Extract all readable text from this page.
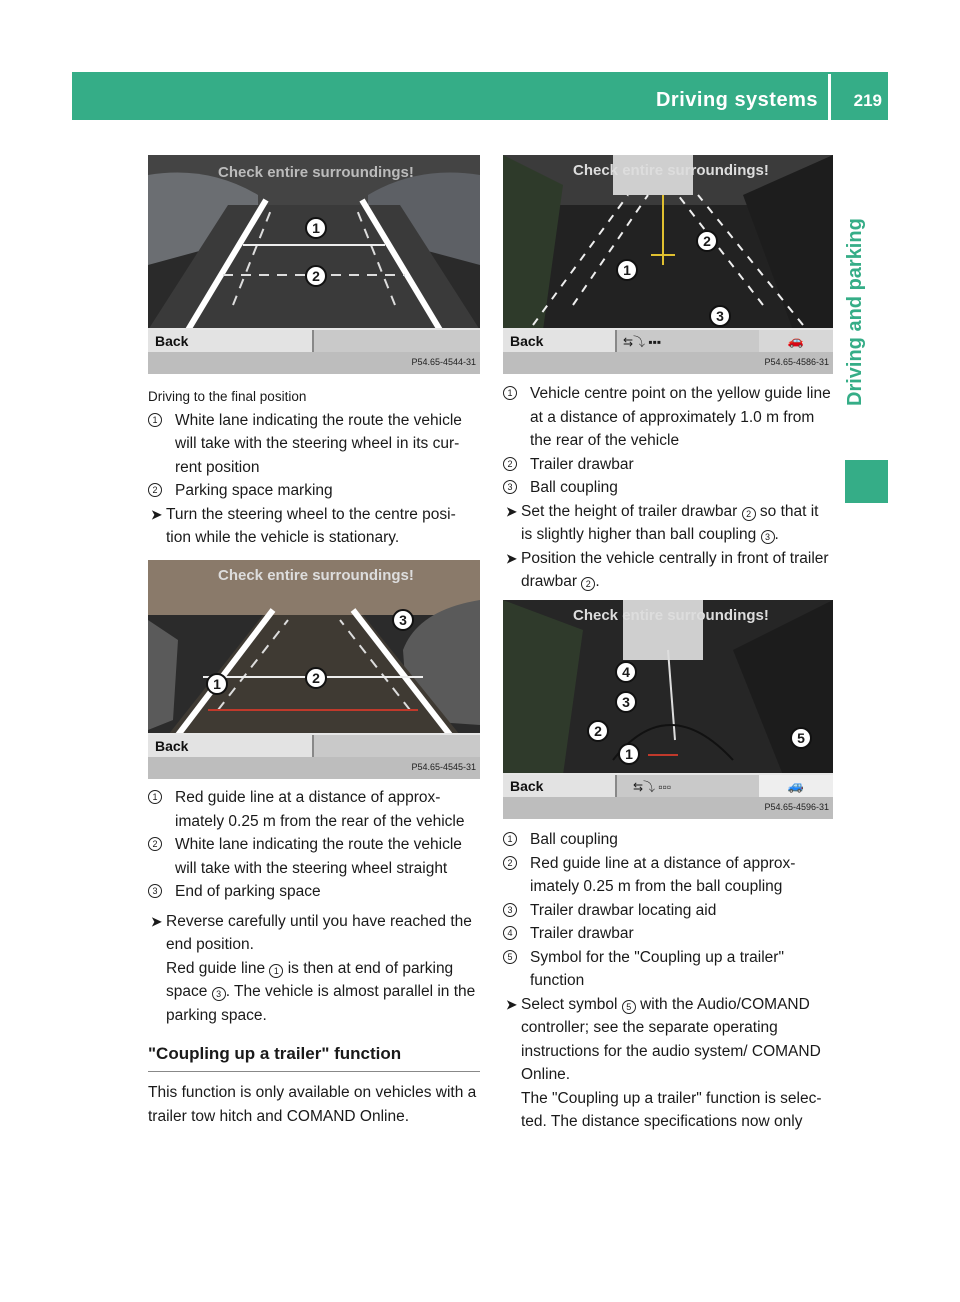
Driving systems 219
Driving and parking
Check entire surroundings!
1
2
Back
P54.65-4544-31
Driving to the final position
1 White lane indicating the route the vehicle will take with the steering wheel in its cur-rent position
2 Parking space marking
➤ Turn the steering wheel to the centre posi-tion while the vehicle is stationary.
Check entire surroundings!
3
2
1
Back
P54.65-4545-31
1 Red guide line at a distance of approx-imately 0.25 m from the rear of the vehicle
2 White lane indicating the route the vehicle will take with the steering wheel straight
3 End of parking space
➤ Reverse carefully until you have reached the end position.
Red guide line 1 is then at end of parking space 3 . The vehicle is almost parallel in the parking space.
"Coupling up a trailer" function
This function is only available on vehicles with a trailer tow hitch and COMAND Online.
Check entire surroundings!
2
1
3
Back	⇆⤵ ▪▪▪	🚗
P54.65-4586-31
1 Vehicle centre point on the yellow guide line at a distance of approximately 1.0 m from the rear of the vehicle
2 Trailer drawbar
3 Ball coupling
➤ Set the height of trailer drawbar 2 so that it is slightly higher than ball coupling 3 .
➤ Position the vehicle centrally in front of trailer drawbar 2 .
Check entire surroundings!
4
3
2
1
5
Back	⇆⤵ ▫▫▫	🚙
P54.65-4596-31
1 Ball coupling
2 Red guide line at a distance of approx-imately 0.25 m from the ball coupling
3 Trailer drawbar locating aid
4 Trailer drawbar
5 Symbol for the "Coupling up a trailer" function
➤ Select symbol 5 with the Audio/COMAND controller; see the separate operating instructions for the audio system/ COMAND Online.
The "Coupling up a trailer" function is selec-ted. The distance specifications now only
